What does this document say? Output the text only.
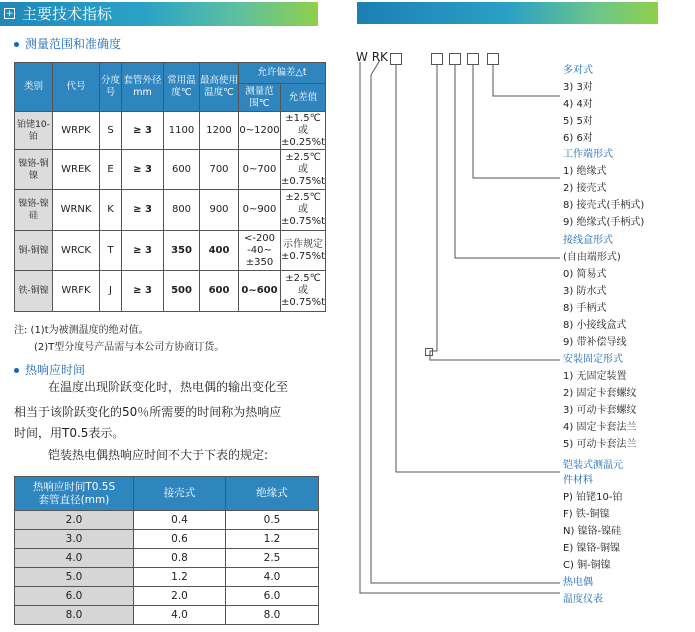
+ 主要技术指标
测量范围和准确度
类别	代号	分度号	套管外径mm	常用温度℃	最高使用温度℃	允许偏差△t	
						测量范围℃	允差值
铂铑10-铂	WRPK	S	≥ 3	1100	1200	0~1200	±1.5℃
或
±0.25%t
镍铬-铜镍	WREK	E	≥ 3	600	700	0~700	±2.5℃
或
±0.75%t
镍铬-镍硅	WRNK	K	≥ 3	800	900	0~900	±2.5℃
或
±0.75%t
铜-铜镍	WRCK	T	≥ 3	350	400	<-200
-40~
±350	示作规定
±0.75%t
铁-铜镍	WRFK	J	≥ 3	500	600	0~600	±2.5℃
或
±0.75%t
注: (1)t为被测温度的绝对值。
(2)T型分度号产品需与本公司方协商订货。
热响应时间
在温度出现阶跃变化时，热电偶的输出变化至
相当于该阶跃变化的50％所需要的时间称为热响应
时间，用T0.5表示。
铠装热电偶热响应时间不大于下表的规定:
热响应时间T0.5S
套管直径(mm)	接壳式	绝缘式
2.0	0.4	0.5
3.0	0.6	1.2
4.0	0.8	2.5
5.0	1.2	4.0
6.0	2.0	6.0
8.0	4.0	8.0
W RK
多对式
3) 3对
4) 4对
5) 5对
6) 6对
工作端形式
1) 绝缘式
2) 接壳式
8) 接壳式(手柄式)
9) 绝缘式(手柄式)
接线盒形式
(自由端形式)
0) 简易式
3) 防水式
8) 手柄式
8) 小接线盒式
9) 带补偿导线
安装固定形式
1) 无固定装置
2) 固定卡套螺纹
3) 可动卡套螺纹
4) 固定卡套法兰
5) 可动卡套法兰
铠装式测温元
件材料
P) 铂铑10-铂
F) 铁-铜镍
N) 镍铬-镍硅
E) 镍铬-铜镍
C) 铜-铜镍
热电偶
温度仪表
